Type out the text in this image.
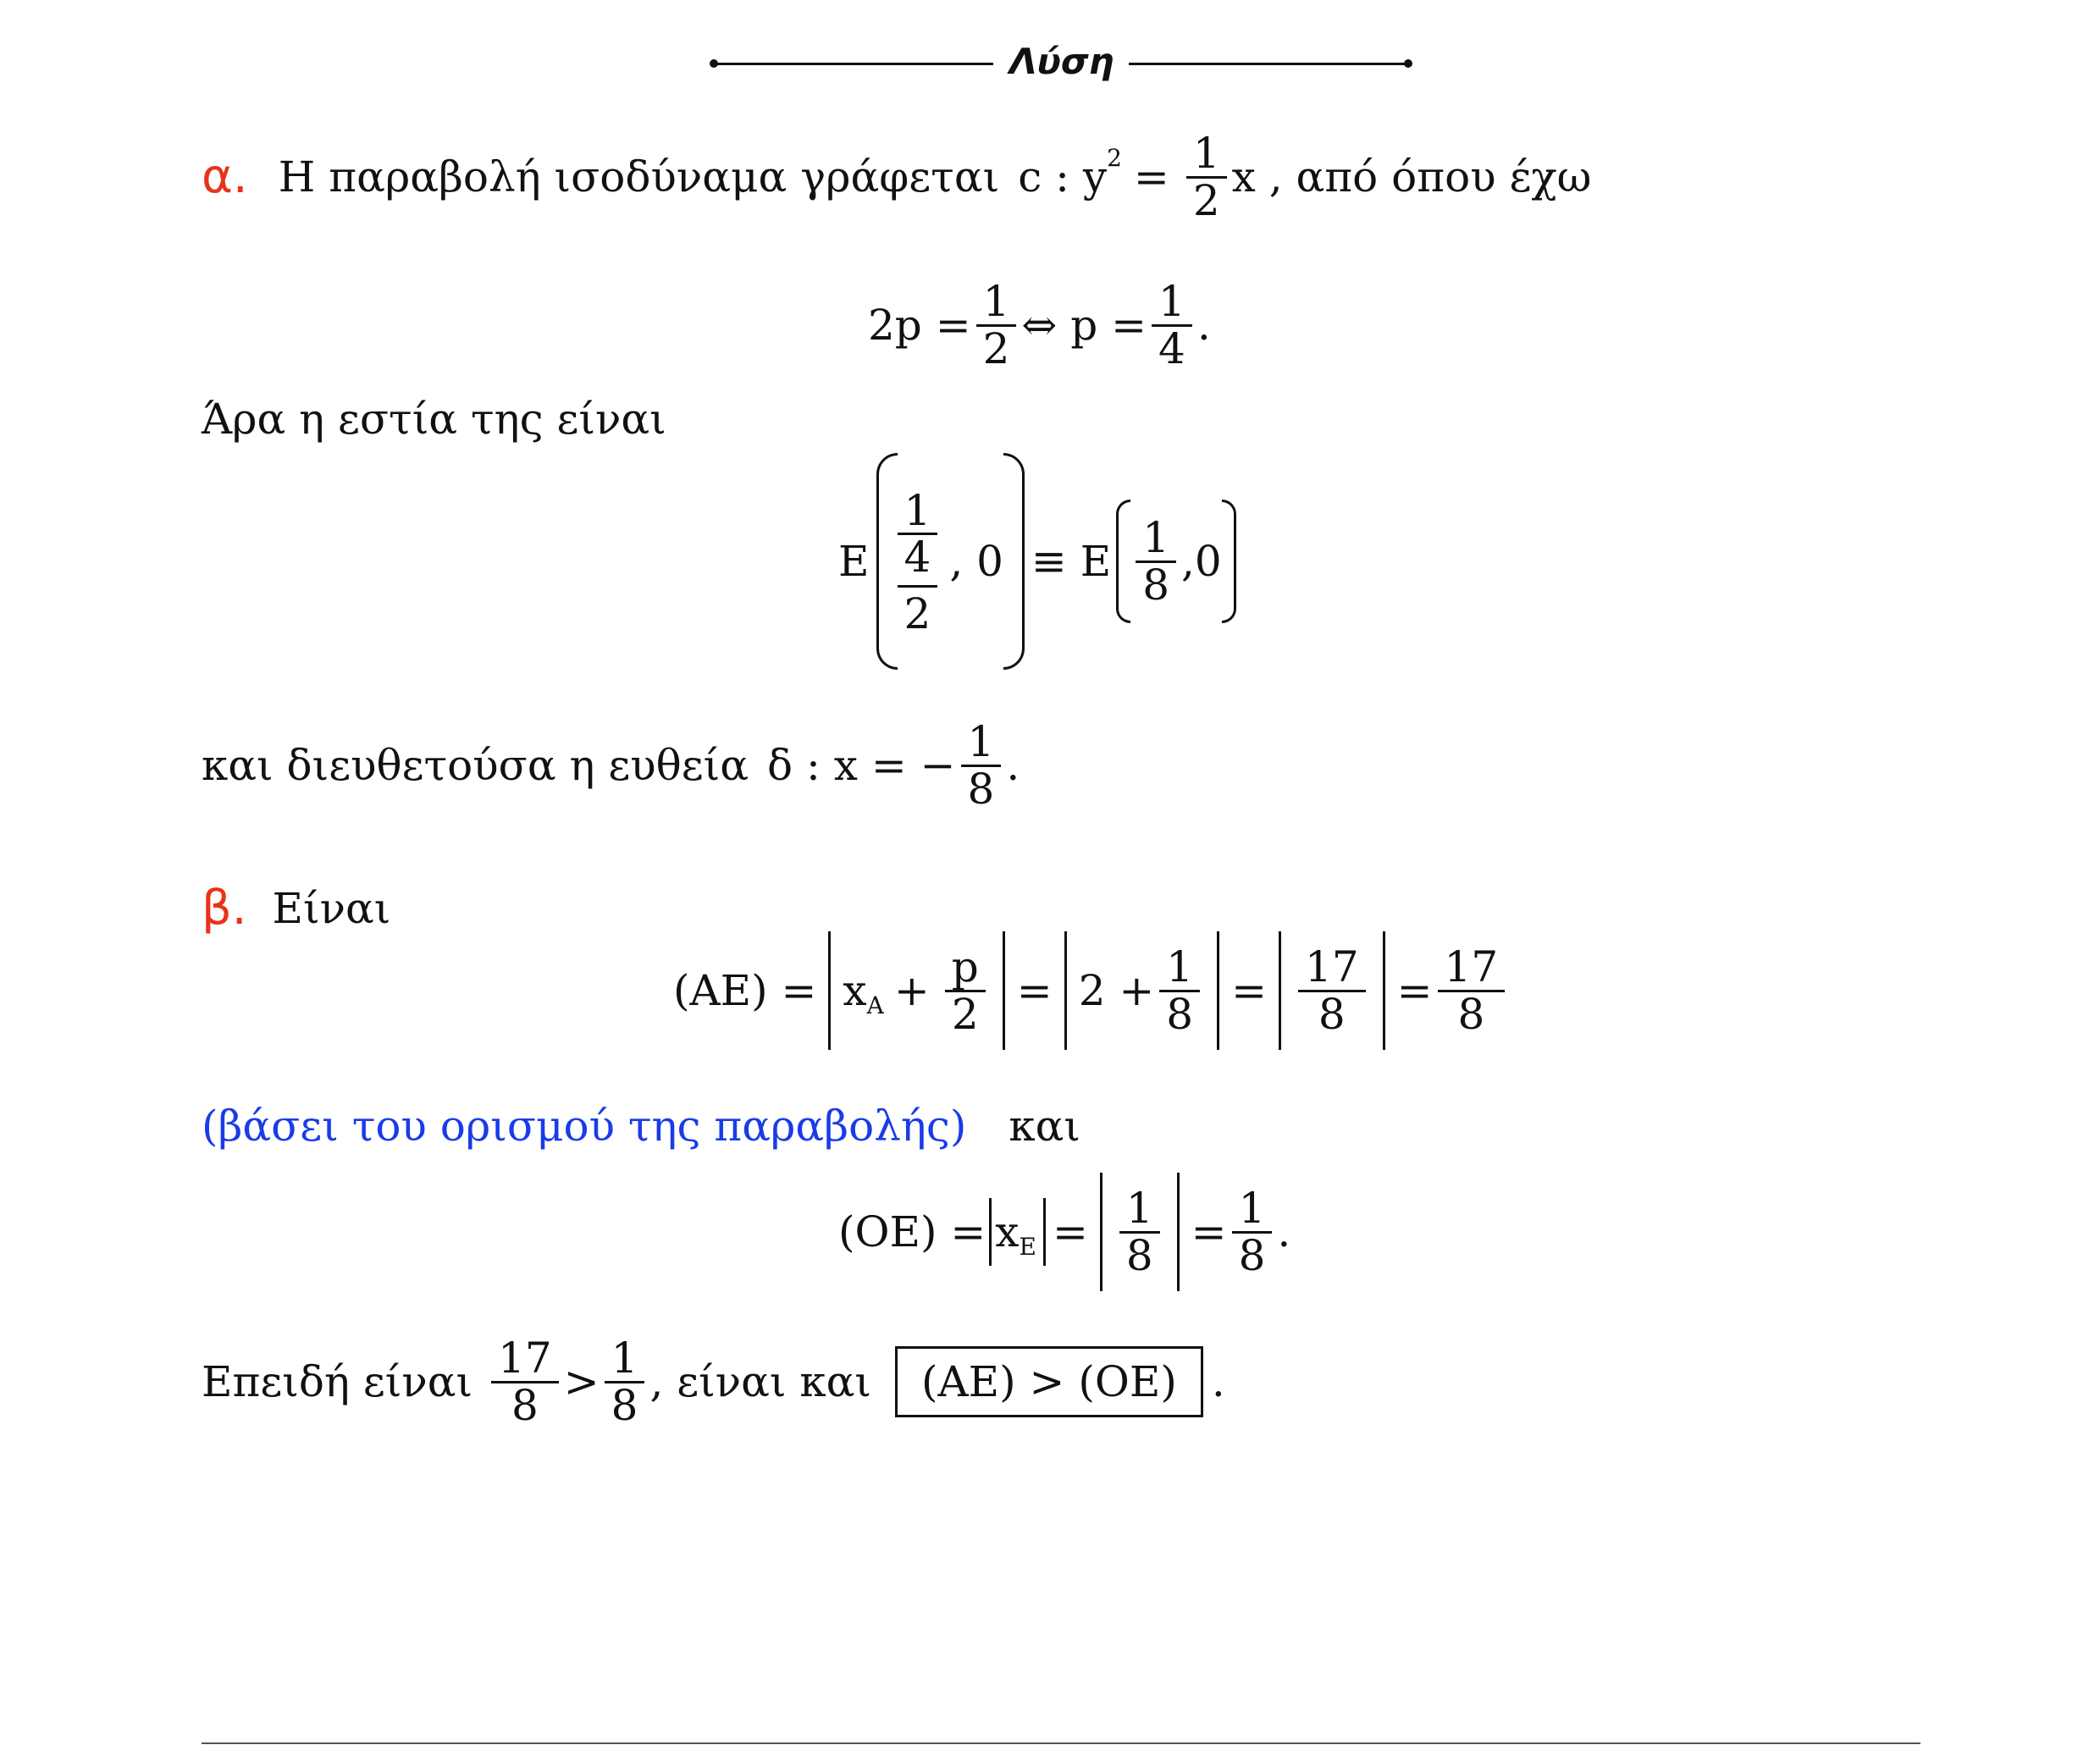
Λύση
α. Η παραβολή ισοδύναμα γράφεται c : y $2 = \frac{1}{2}$ x , από όπου έχω
$2p = \frac{1}{2}$ ⇔ $p = \frac{1}{4}$ .
Άρα η εστία της είναι
E $\frac{1}{4}$
2
, 0 ≡ E $\frac{1}{8} ,0$
και διευθετούσα η ευθεία δ : x = − $\frac{1}{8}$ .
β. Είναι
(AE) = x $A + \frac{p}{2} = 2 + \frac{1}{8} = \frac{17}{8} = \frac{17}{8}$
(βάσει του ορισμού της παραβολής) και
(OE) = x $E = \frac{1}{8} = \frac{1}{8}$ .
Επειδή είναι $\frac{17}{8} > \frac{1}{8}$ , είναι και	(AE) > (OE) .
